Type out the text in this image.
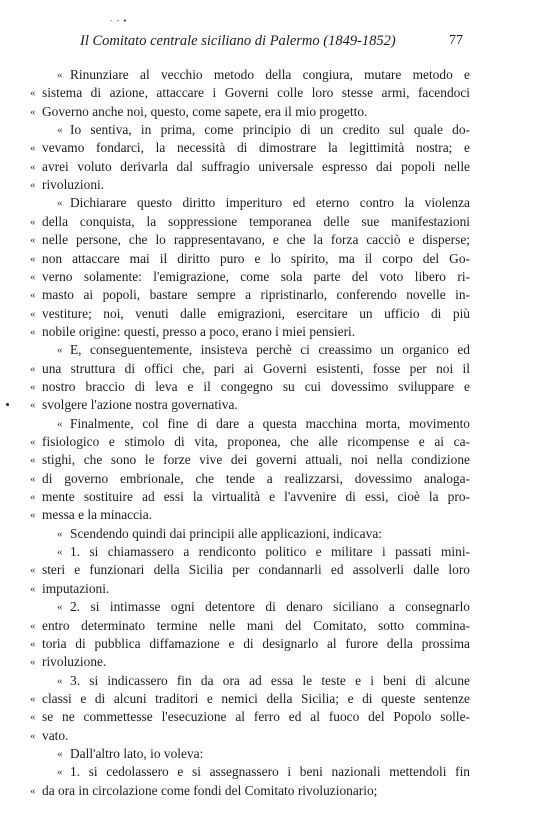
- - ▪
Il Comitato centrale siciliano di Palermo (1849-1852)	77
« Rinunziare al vecchio metodo della congiura, mutare metodo e
« sistema di azione, attaccare i Governi colle loro stesse armi, facendoci
« Governo anche noi, questo, come sapete, era il mio progetto.
« Io sentiva, in prima, come principio di un credito sul quale do-
« vevamo fondarci, la necessità di dimostrare la legittimità nostra; e
« avrei voluto derivarla dal suffragio universale espresso dai popoli nelle
« rivoluzioni.
« Dichiarare questo diritto imperituro ed eterno contro la violenza
« della conquista, la soppressione temporanea delle sue manifestazioni
« nelle persone, che lo rappresentavano, e che la forza cacciò e disperse;
« non attaccare mai il diritto puro e lo spirito, ma il corpo del Go-
« verno solamente: l'emigrazione, come sola parte del voto libero ri-
« masto ai popoli, bastare sempre a ripristinarlo, conferendo novelle in-
« vestiture; noi, venuti dalle emigrazioni, esercitare un ufficio di più
« nobile origine: questi, presso a poco, erano i miei pensieri.
« E, conseguentemente, insisteva perchè ci creassimo un organico ed
« una struttura di offici che, pari ai Governi esistenti, fosse per noi il
« nostro braccio di leva e il congegno su cui dovessimo sviluppare e
« svolgere l'azione nostra governativa.
« Finalmente, col fine di dare a questa macchina morta, movimento
« fisiologico e stimolo di vita, proponea, che alle ricompense e ai ca-
« stighi, che sono le forze vive dei governi attuali, noi nella condizione
« di governo embrionale, che tende a realizzarsi, dovessimo analoga-
« mente sostituire ad essi la virtualità e l'avvenire di essi, cioè la pro-
« messa e la minaccia.
« Scendendo quindi dai principii alle applicazioni, indicava:
« 1. si chiamassero a rendiconto politico e militare i passati mini-
« steri e funzionari della Sicilia per condannarli ed assolverli dalle loro
« imputazioni.
« 2. si intimasse ogni detentore di denaro siciliano a consegnarlo
« entro determinato termine nelle mani del Comitato, sotto commina-
« toria di pubblica diffamazione e di designarlo al furore della prossima
« rivoluzione.
« 3. si indicassero fin da ora ad essa le teste e i beni di alcune
« classi e di alcuni traditori e nemici della Sicilia; e di queste sentenze
« se ne commettesse l'esecuzione al ferro ed al fuoco del Popolo solle-
« vato.
« Dall'altro lato, io voleva:
« 1. si cedolassero e si assegnassero i beni nazionali mettendoli fin
« da ora in circolazione come fondi del Comitato rivoluzionario;
